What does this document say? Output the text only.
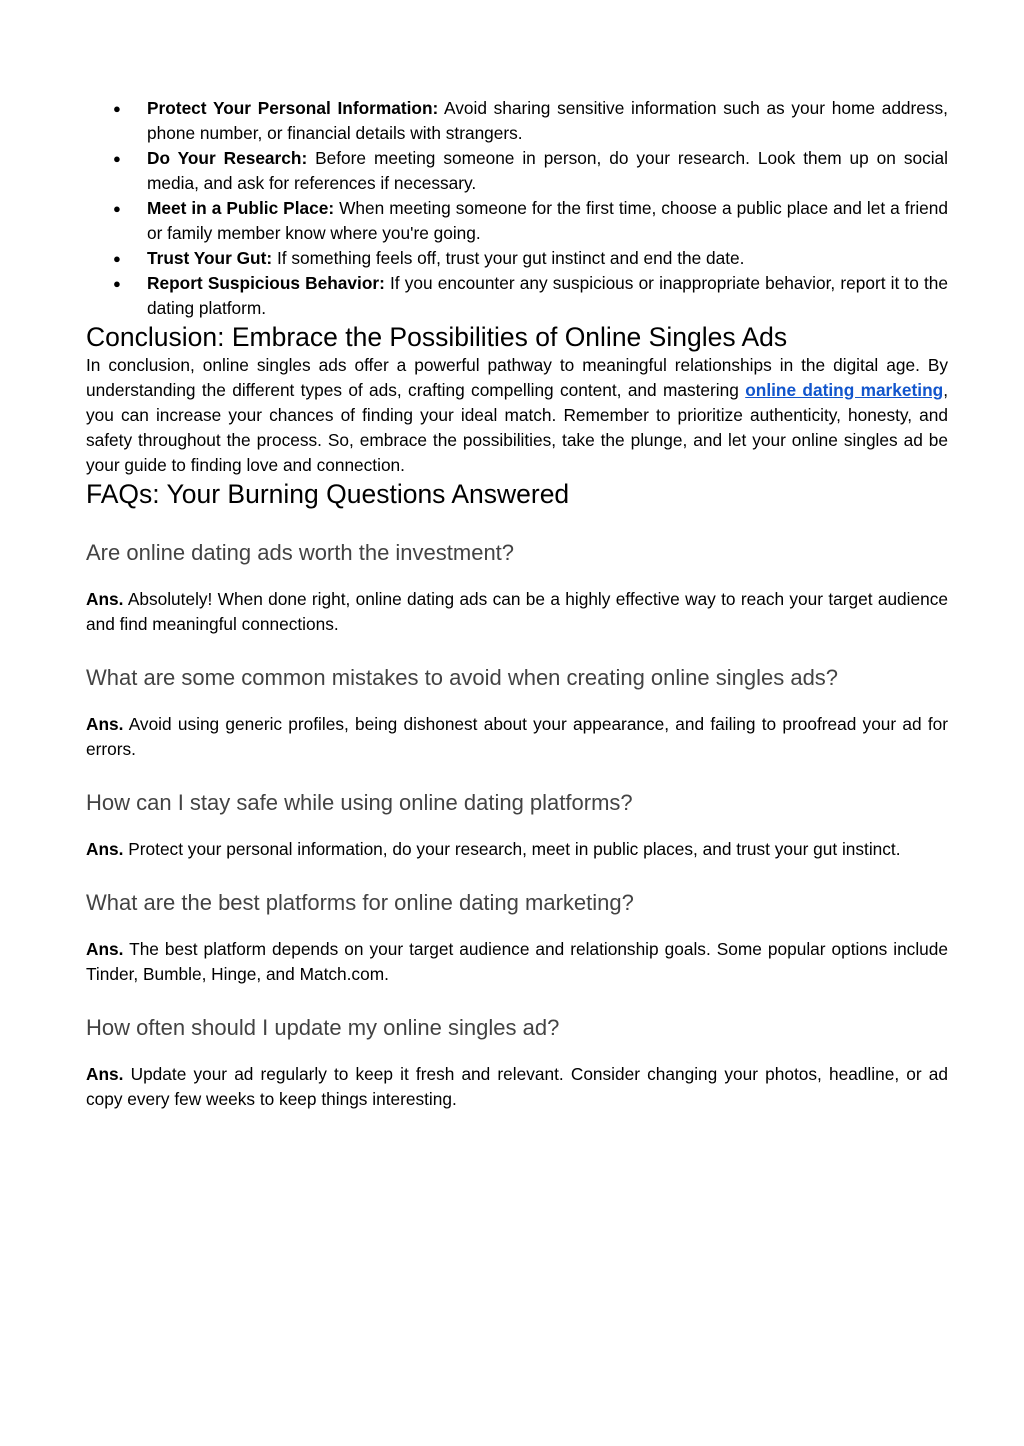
● Protect Your Personal Information: Avoid sharing sensitive information such as your home address, phone number, or financial details with strangers.
● Do Your Research: Before meeting someone in person, do your research. Look them up on social media, and ask for references if necessary.
● Meet in a Public Place: When meeting someone for the first time, choose a public place and let a friend or family member know where you're going.
● Trust Your Gut: If something feels off, trust your gut instinct and end the date.
● Report Suspicious Behavior: If you encounter any suspicious or inappropriate behavior, report it to the dating platform.
Conclusion: Embrace the Possibilities of Online Singles Ads

In conclusion, online singles ads offer a powerful pathway to meaningful relationships in the digital age. By understanding the different types of ads, crafting compelling content, and mastering online dating marketing, you can increase your chances of finding your ideal match. Remember to prioritize authenticity, honesty, and safety throughout the process. So, embrace the possibilities, take the plunge, and let your online singles ad be your guide to finding love and connection.

FAQs: Your Burning Questions Answered
Are online dating ads worth the investment?

Ans. Absolutely! When done right, online dating ads can be a highly effective way to reach your target audience and find meaningful connections.

What are some common mistakes to avoid when creating online singles ads?

Ans. Avoid using generic profiles, being dishonest about your appearance, and failing to proofread your ad for errors.

How can I stay safe while using online dating platforms?

Ans. Protect your personal information, do your research, meet in public places, and trust your gut instinct.

What are the best platforms for online dating marketing?

Ans. The best platform depends on your target audience and relationship goals. Some popular options include Tinder, Bumble, Hinge, and Match.com.

How often should I update my online singles ad?

Ans. Update your ad regularly to keep it fresh and relevant. Consider changing your photos, headline, or ad copy every few weeks to keep things interesting.
